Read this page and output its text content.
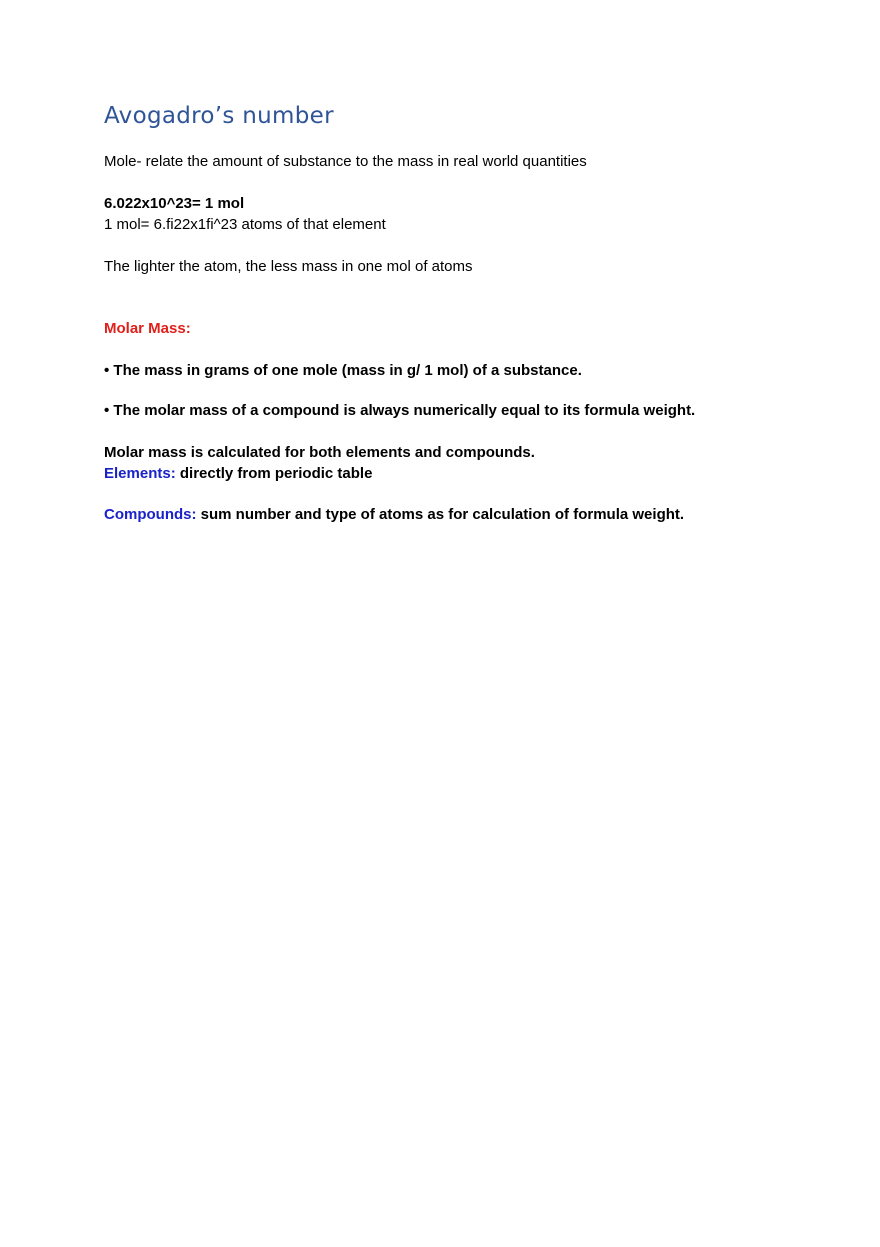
Avogadro’s number

Mole- relate the amount of substance to the mass in real world quantities

6.022x10^23= 1 mol

1 mol= 6.ﬁ22x1ﬁ^23 atoms of that element

The lighter the atom, the less mass in one mol of atoms

Molar Mass:

• The mass in grams of one mole (mass in g/ 1 mol) of a substance.

• The molar mass of a compound is always numerically equal to its formula weight.

Molar mass is calculated for both elements and compounds.

Elements: directly from periodic table

Compounds: sum number and type of atoms as for calculation of formula weight.
